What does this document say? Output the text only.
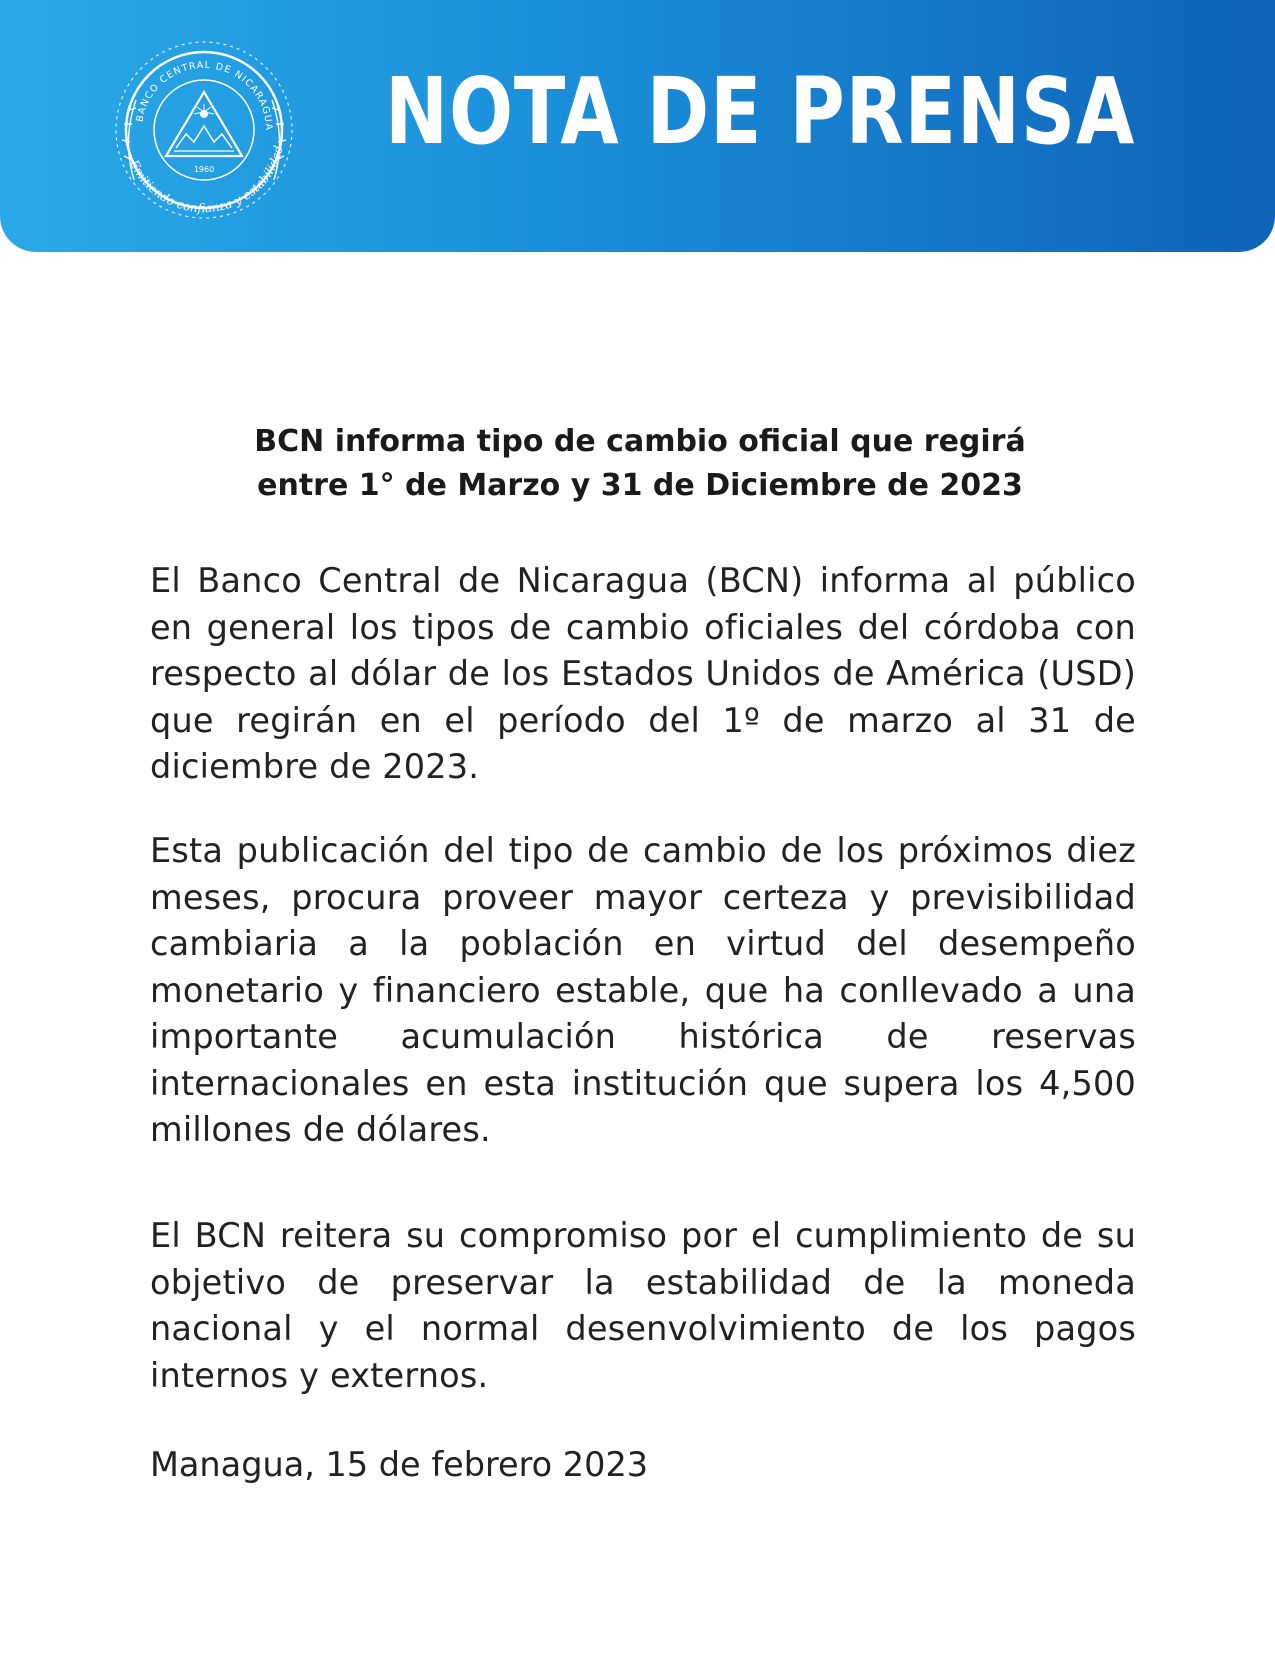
BANCO CENTRAL DE NICARAGUA
1960
Emitiendo confianza y estabilidad NOTA DE PRENSA
BCN informa tipo de cambio oficial que regirá
entre 1° de Marzo y 31 de Diciembre de 2023
El Banco Central de Nicaragua (BCN) informa al público en general los tipos de cambio oficiales del córdoba con respecto al dólar de los Estados Unidos de América (USD) que regirán en el período del 1º de marzo al 31 de diciembre de 2023.
Esta publicación del tipo de cambio de los próximos diez meses, procura proveer mayor certeza y previsibilidad cambiaria a la población en virtud del desempeño monetario y financiero estable, que ha conllevado a una importante acumulación histórica de reservas internacionales en esta institución que supera los 4,500 millones de dólares.
El BCN reitera su compromiso por el cumplimiento de su objetivo de preservar la estabilidad de la moneda nacional y el normal desenvolvimiento de los pagos internos y externos.
Managua, 15 de febrero 2023
